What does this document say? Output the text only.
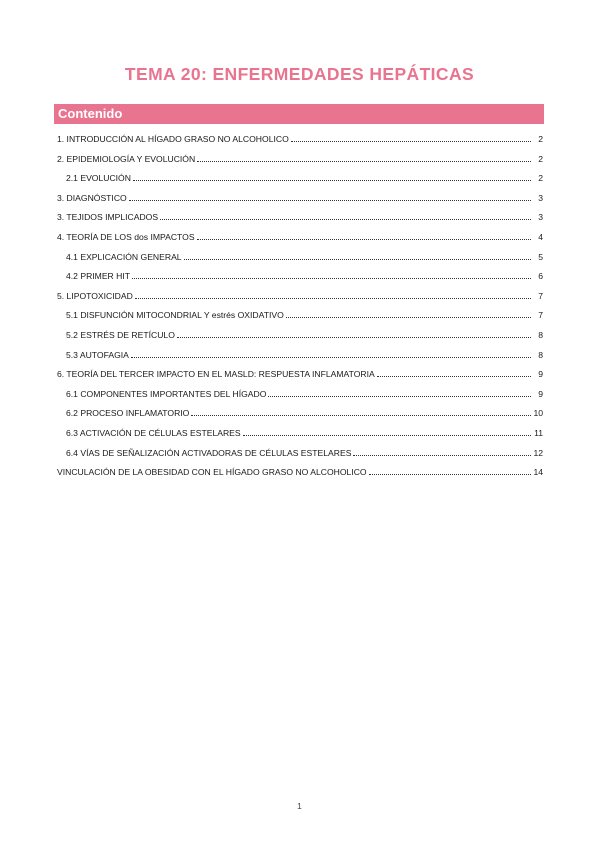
TEMA 20: ENFERMEDADES HEPÁTICAS
Contenido
1. INTRODUCCIÓN AL HÍGADO GRASO NO ALCOHOLICO	2
2. EPIDEMIOLOGÍA Y EVOLUCIÓN	2
2.1 EVOLUCIÓN	2
3. DIAGNÓSTICO	3
3. TEJIDOS IMPLICADOS	3
4. TEORÍA DE LOS dos IMPACTOS	4
4.1 EXPLICACIÓN GENERAL	5
4.2 PRIMER HIT	6
5. LIPOTOXICIDAD	7
5.1 DISFUNCIÓN MITOCONDRIAL Y estrés OXIDATIVO	7
5.2 ESTRÉS DE RETÍCULO	8
5.3 AUTOFAGIA	8
6. TEORÍA DEL TERCER IMPACTO EN EL MASLD: RESPUESTA INFLAMATORIA	9
6.1 COMPONENTES IMPORTANTES DEL HÍGADO	9
6.2 PROCESO INFLAMATORIO	10
6.3 ACTIVACIÓN DE CÉLULAS ESTELARES	11
6.4 VÍAS DE SEÑALIZACIÓN ACTIVADORAS DE CÉLULAS ESTELARES	12
VINCULACIÓN DE LA OBESIDAD CON EL HÍGADO GRASO NO ALCOHOLICO	14
1
